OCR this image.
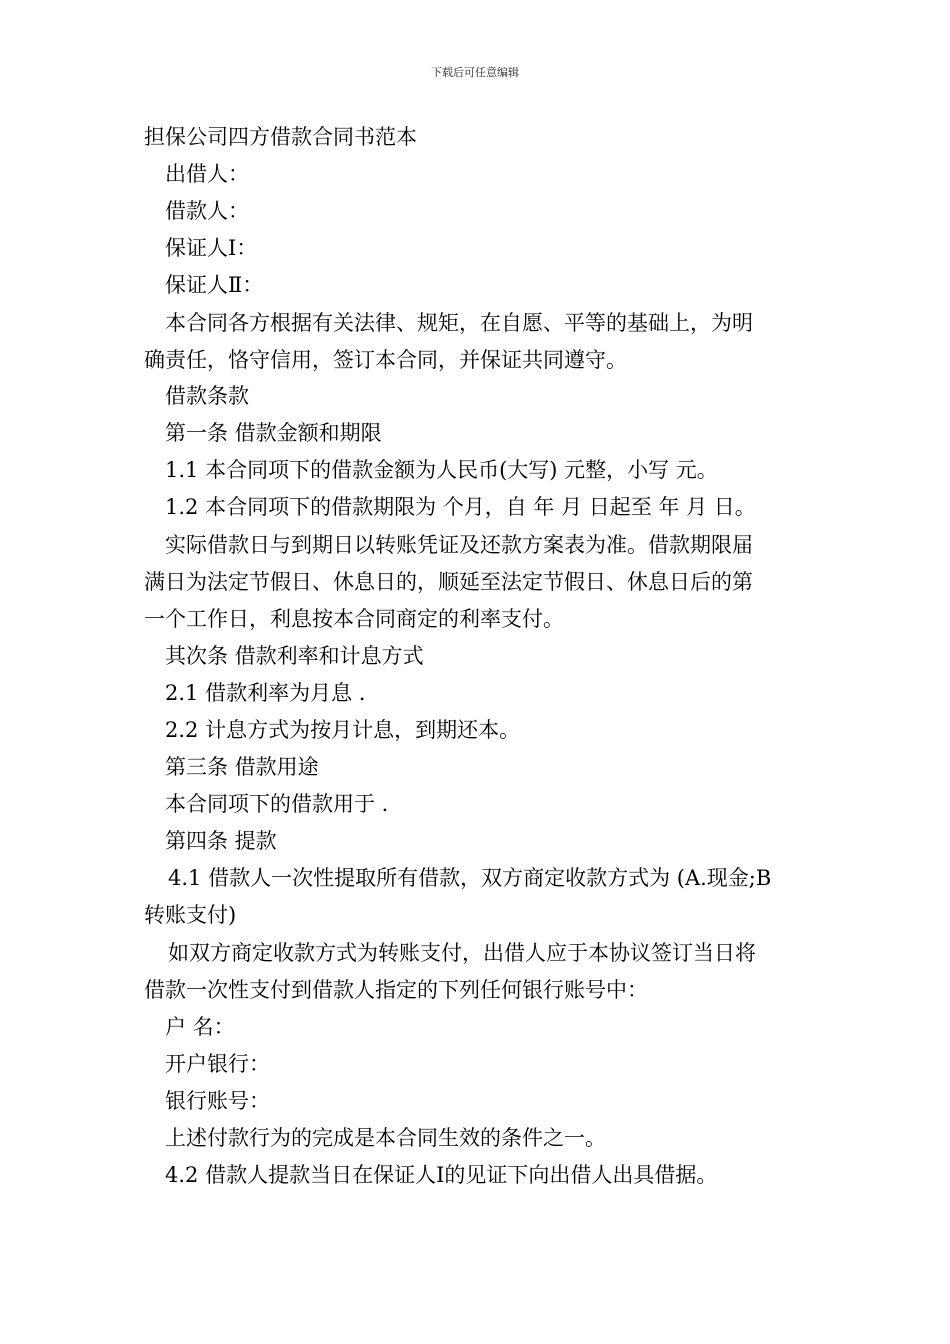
下载后可任意编辑
担保公司四方借款合同书范本
出借人：
借款人：
保证人Ⅰ：
保证人Ⅱ：
本合同各方根据有关法律、规矩，在自愿、平等的基础上，为明
确责任，恪守信用，签订本合同，并保证共同遵守。
借款条款
第一条 借款金额和期限
1.1 本合同项下的借款金额为人民币(大写) 元整，小写 元。
1.2 本合同项下的借款期限为 个月，自 年 月 日起至 年 月 日。
实际借款日与到期日以转账凭证及还款方案表为准。借款期限届
满日为法定节假日、休息日的，顺延至法定节假日、休息日后的第
一个工作日，利息按本合同商定的利率支付。
其次条 借款利率和计息方式
2.1 借款利率为月息 .
2.2 计息方式为按月计息，到期还本。
第三条 借款用途
本合同项下的借款用于 .
第四条 提款
4.1 借款人一次性提取所有借款，双方商定收款方式为 (A.现金;B
转账支付)
如双方商定收款方式为转账支付，出借人应于本协议签订当日将
借款一次性支付到借款人指定的下列任何银行账号中：
户 名：
开户银行：
银行账号：
上述付款行为的完成是本合同生效的条件之一。
4.2 借款人提款当日在保证人Ⅰ的见证下向出借人出具借据。
